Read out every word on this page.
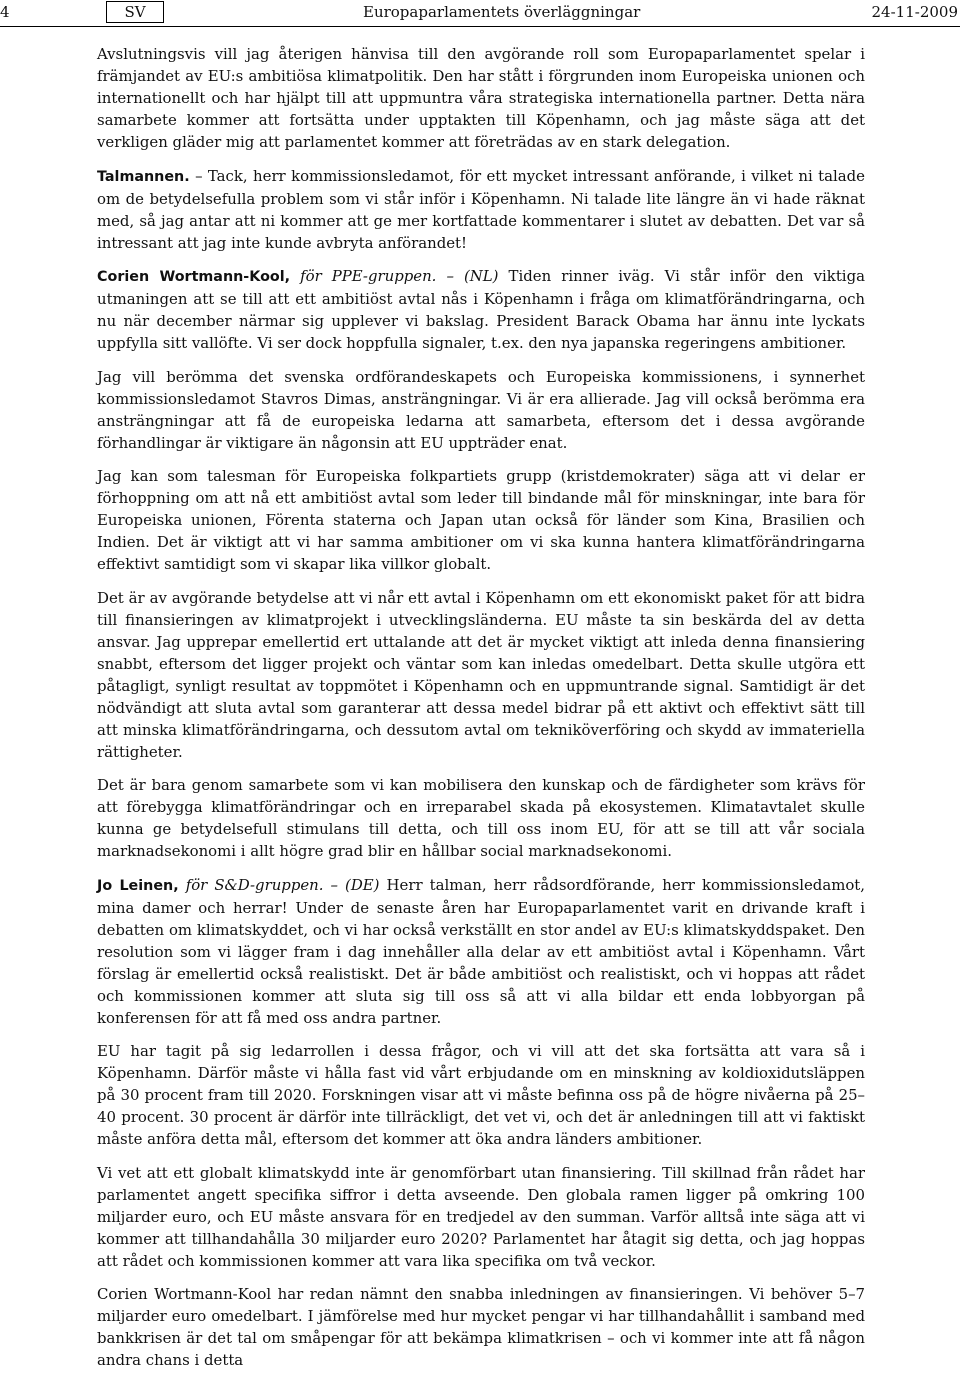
4	SV	Europaparlamentets överläggningar	24-11-2009

Avslutningsvis vill jag återigen hänvisa till den avgörande roll som Europaparlamentet spelar i främjandet av EU:s ambitiösa klimatpolitik. Den har stått i förgrunden inom Europeiska unionen och internationellt och har hjälpt till att uppmuntra våra strategiska internationella partner. Detta nära samarbete kommer att fortsätta under upptakten till Köpenhamn, och jag måste säga att det verkligen gläder mig att parlamentet kommer att företrädas av en stark delegation.

Talmannen. – Tack, herr kommissionsledamot, för ett mycket intressant anförande, i vilket ni talade om de betydelsefulla problem som vi står inför i Köpenhamn. Ni talade lite längre än vi hade räknat med, så jag antar att ni kommer att ge mer kortfattade kommentarer i slutet av debatten. Det var så intressant att jag inte kunde avbryta anförandet!

Corien Wortmann-Kool, för PPE-gruppen. – (NL) Tiden rinner iväg. Vi står inför den viktiga utmaningen att se till att ett ambitiöst avtal nås i Köpenhamn i fråga om klimatförändringarna, och nu när december närmar sig upplever vi bakslag. President Barack Obama har ännu inte lyckats uppfylla sitt vallöfte. Vi ser dock hoppfulla signaler, t.ex. den nya japanska regeringens ambitioner.

Jag vill berömma det svenska ordförandeskapets och Europeiska kommissionens, i synnerhet kommissionsledamot Stavros Dimas, ansträngningar. Vi är era allierade. Jag vill också berömma era ansträngningar att få de europeiska ledarna att samarbeta, eftersom det i dessa avgörande förhandlingar är viktigare än någonsin att EU uppträder enat.

Jag kan som talesman för Europeiska folkpartiets grupp (kristdemokrater) säga att vi delar er förhoppning om att nå ett ambitiöst avtal som leder till bindande mål för minskningar, inte bara för Europeiska unionen, Förenta staterna och Japan utan också för länder som Kina, Brasilien och Indien. Det är viktigt att vi har samma ambitioner om vi ska kunna hantera klimatförändringarna effektivt samtidigt som vi skapar lika villkor globalt.

Det är av avgörande betydelse att vi når ett avtal i Köpenhamn om ett ekonomiskt paket för att bidra till finansieringen av klimatprojekt i utvecklingsländerna. EU måste ta sin beskärda del av detta ansvar. Jag upprepar emellertid ert uttalande att det är mycket viktigt att inleda denna finansiering snabbt, eftersom det ligger projekt och väntar som kan inledas omedelbart. Detta skulle utgöra ett påtagligt, synligt resultat av toppmötet i Köpenhamn och en uppmuntrande signal. Samtidigt är det nödvändigt att sluta avtal som garanterar att dessa medel bidrar på ett aktivt och effektivt sätt till att minska klimatförändringarna, och dessutom avtal om tekniköverföring och skydd av immateriella rättigheter.

Det är bara genom samarbete som vi kan mobilisera den kunskap och de färdigheter som krävs för att förebygga klimatförändringar och en irreparabel skada på ekosystemen. Klimatavtalet skulle kunna ge betydelsefull stimulans till detta, och till oss inom EU, för att se till att vår sociala marknadsekonomi i allt högre grad blir en hållbar social marknadsekonomi.

Jo Leinen, för S&D-gruppen. – (DE) Herr talman, herr rådsordförande, herr kommissionsledamot, mina damer och herrar! Under de senaste åren har Europaparlamentet varit en drivande kraft i debatten om klimatskyddet, och vi har också verkställt en stor andel av EU:s klimatskyddspaket. Den resolution som vi lägger fram i dag innehåller alla delar av ett ambitiöst avtal i Köpenhamn. Vårt förslag är emellertid också realistiskt. Det är både ambitiöst och realistiskt, och vi hoppas att rådet och kommissionen kommer att sluta sig till oss så att vi alla bildar ett enda lobbyorgan på konferensen för att få med oss andra partner.

EU har tagit på sig ledarrollen i dessa frågor, och vi vill att det ska fortsätta att vara så i Köpenhamn. Därför måste vi hålla fast vid vårt erbjudande om en minskning av koldioxidutsläppen på 30 procent fram till 2020. Forskningen visar att vi måste befinna oss på de högre nivåerna på 25–40 procent. 30 procent är därför inte tillräckligt, det vet vi, och det är anledningen till att vi faktiskt måste anföra detta mål, eftersom det kommer att öka andra länders ambitioner.

Vi vet att ett globalt klimatskydd inte är genomförbart utan finansiering. Till skillnad från rådet har parlamentet angett specifika siffror i detta avseende. Den globala ramen ligger på omkring 100 miljarder euro, och EU måste ansvara för en tredjedel av den summan. Varför alltså inte säga att vi kommer att tillhandahålla 30 miljarder euro 2020? Parlamentet har åtagit sig detta, och jag hoppas att rådet och kommissionen kommer att vara lika specifika om två veckor.

Corien Wortmann-Kool har redan nämnt den snabba inledningen av finansieringen. Vi behöver 5–7 miljarder euro omedelbart. I jämförelse med hur mycket pengar vi har tillhandahållit i samband med bankkrisen är det tal om småpengar för att bekämpa klimatkrisen – och vi kommer inte att få någon andra chans i detta
